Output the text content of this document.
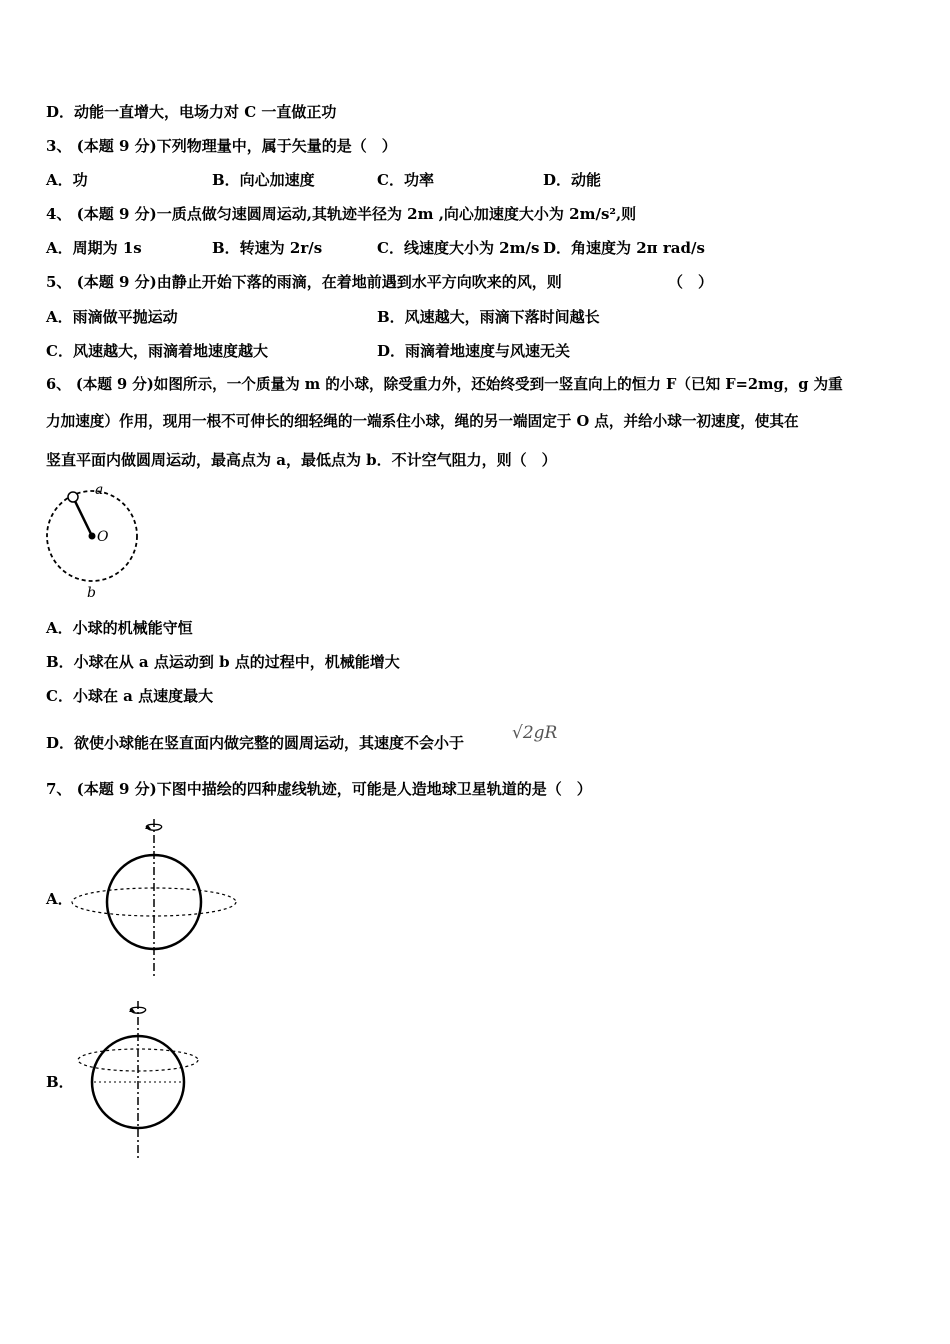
D．动能一直增大，电场力对 C 一直做正功
3、 (本题 9 分)下列物理量中，属于矢量的是（　）
A．功	B．向心加速度	C．功率	D．动能
4、 (本题 9 分)一质点做匀速圆周运动,其轨迹半径为 2m ,向心加速度大小为 2m/s²,则
A．周期为 1s	B．转速为 2r/s	C．线速度大小为 2m/s D．角速度为 2π rad/s
5、 (本题 9 分)由静止开始下落的雨滴，在着地前遇到水平方向吹来的风，则	（　）
A．雨滴做平抛运动	B．风速越大，雨滴下落时间越长
C．风速越大，雨滴着地速度越大	D．雨滴着地速度与风速无关
6、 (本题 9 分)如图所示，一个质量为 m 的小球，除受重力外，还始终受到一竖直向上的恒力 F（已知 F=2mg，g 为重
力加速度）作用，现用一根不可伸长的细轻绳的一端系住小球，绳的另一端固定于 O 点，并给小球一初速度，使其在
竖直平面内做圆周运动，最高点为 a，最低点为 b．不计空气阻力，则（　）
a
O
b
A．小球的机械能守恒
B．小球在从 a 点运动到 b 点的过程中，机械能增大
C．小球在 a 点速度最大
D．欲使小球能在竖直面内做完整的圆周运动，其速度不会小于	√2gR
7、 (本题 9 分)下图中描绘的四种虚线轨迹，可能是人造地球卫星轨道的是（　）
A．
B．
